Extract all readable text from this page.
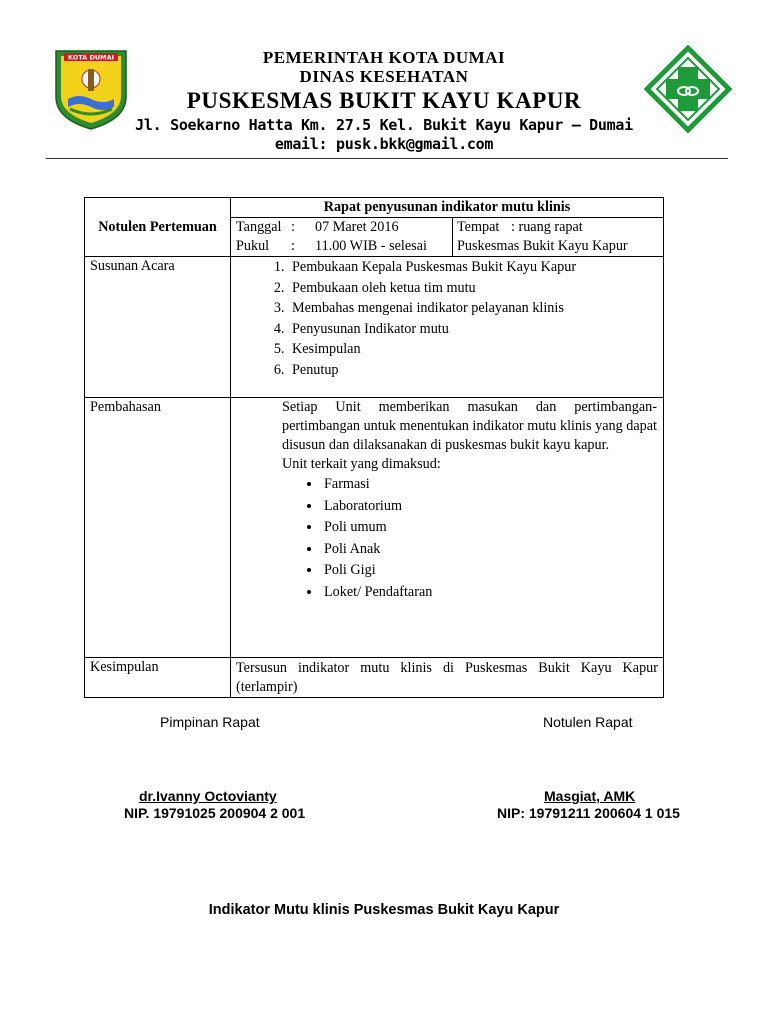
KOTA DUMAI	PEMERINTAH KOTA DUMAI
DINAS KESEHATAN
PUSKESMAS BUKIT KAYU KAPUR
Jl. Soekarno Hatta Km. 27.5 Kel. Bukit Kayu Kapur – Dumai
email: pusk.bkk@gmail.com
Notulen Pertemuan	
Rapat penyusunan indikator mutu klinis
Tanggal : 07 Maret 2016
Pukul : 11.00 WIB - selesai

Tempat : ruang rapat
Puskesmas Bukit Kayu Kapur

Susunan Acara	
1.Pembukaan Kepala Puskesmas Bukit Kayu Kapur
2. Pembukaan oleh ketua tim mutu
3. Membahas mengenai indikator pelayanan klinis
4. Penyusunan Indikator mutu
5. Kesimpulan
6. Penutup

Pembahasan	Setiap Unit memberikan masukan dan pertimbangan-pertimbangan untuk menentukan indikator mutu klinis yang dapat disusun dan dilaksanakan di puskesmas bukit kayu kapur.
Unit terkait yang dimaksud:
• Farmasi
• Laboratorium
• Poli umum
• Poli Anak
• Poli Gigi
• Loket/ Pendaftaran

Kesimpulan	Tersusun indikator mutu klinis di Puskesmas Bukit Kayu Kapur (terlampir)
Pimpinan Rapat	Notulen Rapat
dr.Ivanny Octovianty
NIP. 19791025 200904 2 001
Masgiat, AMK
NIP: 19791211 200604 1 015
Indikator Mutu klinis Puskesmas Bukit Kayu Kapur
